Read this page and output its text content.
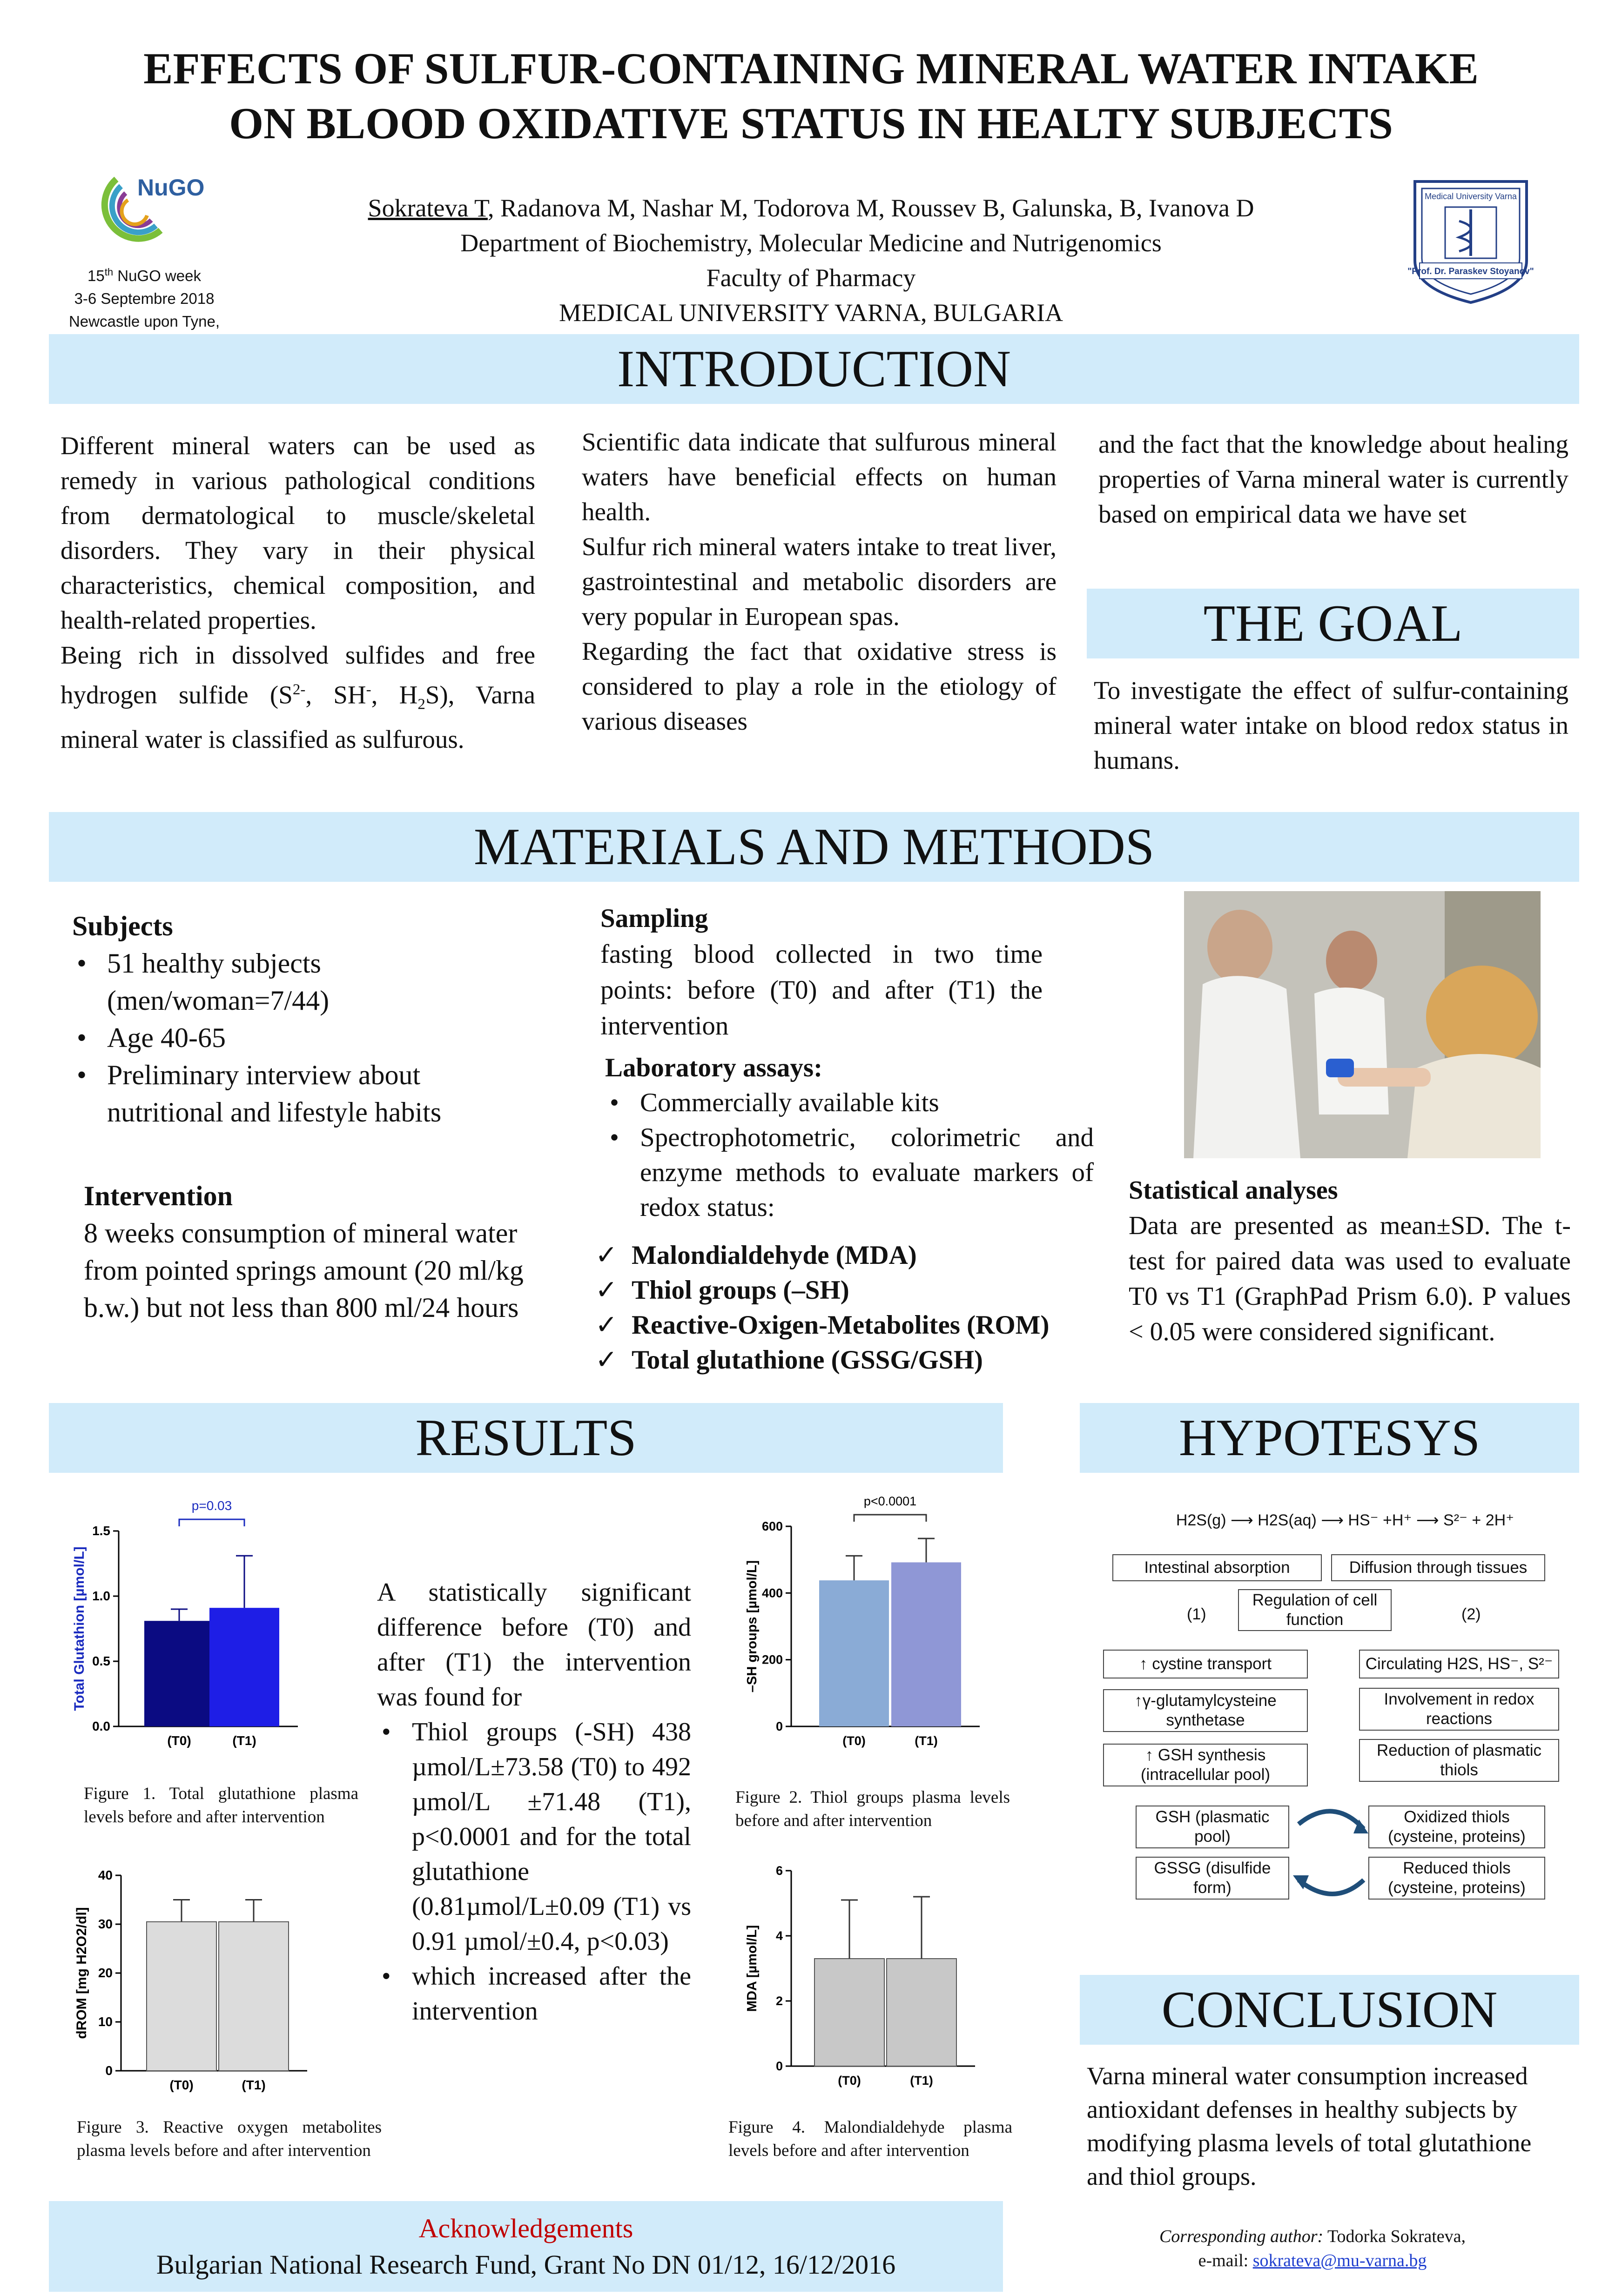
EFFECTS OF SULFUR-CONTAINING MINERAL WATER INTAKE
ON BLOOD OXIDATIVE STATUS IN HEALTY SUBJECTS
NuGO
15th NuGO week
3-6 Septembre 2018
Newcastle upon Tyne,
Sokrateva T, Radanova M, Nashar M, Todorova M, Roussev B, Galunska, B, Ivanova D
Department of Biochemistry, Molecular Medicine and Nutrigenomics
Faculty of Pharmacy
MEDICAL UNIVERSITY VARNA, BULGARIA
Medical University Varna
"Prof. Dr. Paraskev Stoyanov"
INTRODUCTION

Different mineral waters can be used as remedy in various pathological conditions from dermatological to muscle/skeletal disorders. They vary in their physical characteristics, chemical composition, and health-related properties.

Being rich in dissolved sulfides and free hydrogen sulfide ($S^{2-}$, SH-, $H_2S$), Varna mineral water is classified as sulfurous.

Scientific data indicate that sulfurous mineral waters have beneficial effects on human health.

Sulfur rich mineral waters intake to treat liver, gastrointestinal and metabolic disorders are very popular in European spas.

Regarding the fact that oxidative stress is considered to play a role in the etiology of various diseases

and the fact that the knowledge about healing properties of Varna mineral water is currently based on empirical data we have set

THE GOAL
To investigate the effect of sulfur-containing mineral water intake on blood redox status in humans.
MATERIALS AND METHODS
Subjects
• 51 healthy subjects (men/woman=7/44)
• Age 40-65
• Preliminary interview about nutritional and lifestyle habits
Intervention
8 weeks consumption of mineral water from pointed springs amount (20 ml/kg b.w.) but not less than 800 ml/24 hours
Sampling
fasting blood collected in two time points: before (T0) and after (T1) the intervention
Laboratory assays:
• Commercially available kits
• Spectrophotometric, colorimetric and enzyme methods to evaluate markers of redox status:
✓ Malondialdehyde (MDA)
✓ Thiol groups (–SH)
✓ Reactive-Oxigen-Metabolites (ROM)
✓ Total glutathione (GSSG/GSH)
Statistical analyses
Data are presented as mean±SD. The t-test for paired data was used to evaluate T0 vs T1 (GraphPad Prism 6.0). P values < 0.05 were considered significant.
RESULTS
0.0
0.5
1.0
1.5
Total Glutathion [µmol/L]
(T0)	(T1)
p=0.03
0
200
400
600
–SH groups [µmol/L]
(T0)	(T1)
p<0.0001
0
10
20
30
40
dROM [mg H2O2/dl]
(T0)	(T1)
0
2
4
6
MDA [µmol/L]
(T0)	(T1)
Figure 1. Total glutathione plasma levels before and after intervention
Figure 2. Thiol groups plasma levels before and after intervention
Figure 3. Reactive oxygen metabolites plasma levels before and after intervention
Figure 4. Malondialdehyde plasma levels before and after intervention

A statistically significant difference before (T0) and after (T1) the intervention was found for

• Thiol groups (-SH) 438 µmol/L±73.58 (T0) to 492 µmol/L ±71.48 (T1), p<0.0001 and for the total glutathione (0.81µmol/L±0.09 (T1) vs 0.91 µmol/±0.4, p<0.03)
• which increased after the intervention
HYPOTESYS
H2S(g) ⟶ H2S(aq) ⟶ HS⁻ +H⁺ ⟶ S²⁻ + 2H⁺
Intestinal absorption	Diffusion through tissues
Regulation of cell function
(1)	(2)
↑ cystine transport
↑γ-glutamylcysteine synthetase
↑ GSH synthesis (intracellular pool)
Circulating H2S, HS⁻, S²⁻
Involvement in redox reactions
Reduction of plasmatic thiols
GSH (plasmatic pool)
GSSG (disulfide form)
Oxidized thiols (cysteine, proteins)
Reduced thiols (cysteine, proteins)
CONCLUSION
Varna mineral water consumption increased antioxidant defenses in healthy subjects by modifying plasma levels of total glutathione and thiol groups.
Acknowledgements
Bulgarian National Research Fund, Grant No DN 01/12, 16/12/2016
Corresponding author: Todorka Sokrateva,
e-mail: sokrateva@mu-varna.bg
